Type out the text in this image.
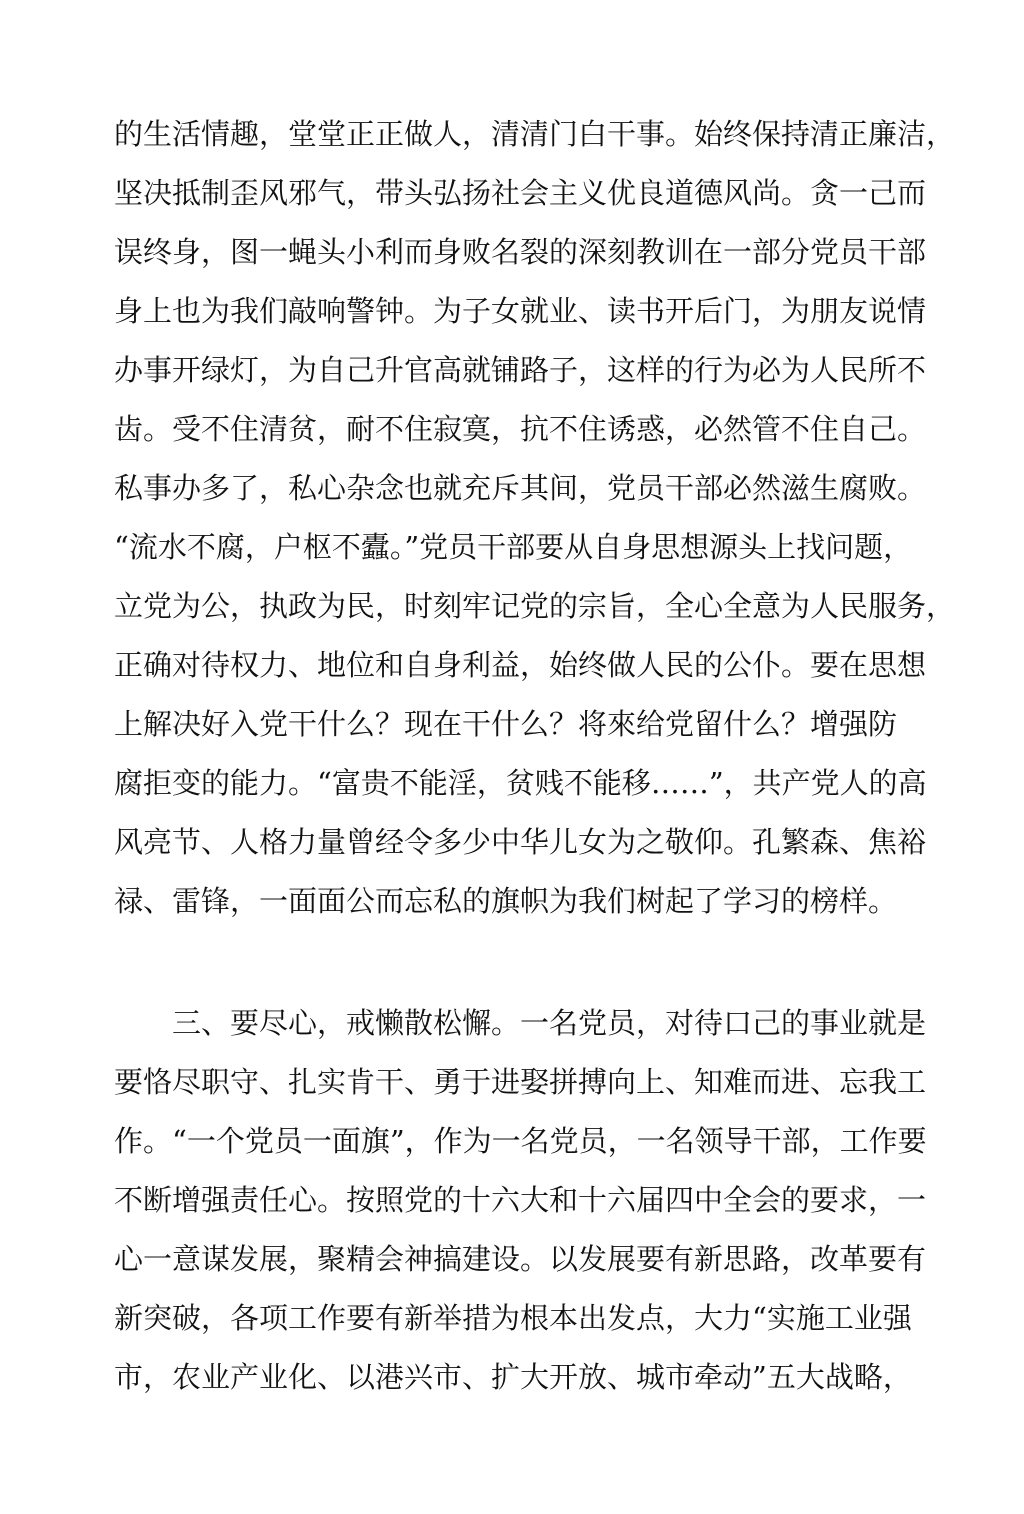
的生活情趣，堂堂正正做人，清清门白干事。始终保持清正廉洁，
坚决抵制歪风邪气，带头弘扬社会主义优良道德风尚。贪一己而
误终身，图一蝇头小利而身败名裂的深刻教训在一部分党员干部
身上也为我们敲响警钟。为子女就业、读书开后门，为朋友说情
办事开绿灯，为自己升官高就铺路子，这样的行为必为人民所不
齿。受不住清贫，耐不住寂寞，抗不住诱惑，必然管不住自己。
私事办多了，私心杂念也就充斥其间，党员干部必然滋生腐败。
“流水不腐，户枢不蠹。”党员干部要从自身思想源头上找问题，
立党为公，执政为民，时刻牢记党的宗旨，全心全意为人民服务，
正确对待权力、地位和自身利益，始终做人民的公仆。要在思想
上解决好入党干什么？现在干什么？将來给党留什么？增强防
腐拒变的能力。“富贵不能淫，贫贱不能移……”，共产党人的高
风亮节、人格力量曾经令多少中华儿女为之敬仰。孔繁森、焦裕
禄、雷锋，一面面公而忘私的旗帜为我们树起了学习的榜样。
三、要尽心，戒懒散松懈。一名党员，对待口己的事业就是
要恪尽职守、扎实肯干、勇于进娶拼搏向上、知难而进、忘我工
作。“一个党员一面旗”，作为一名党员，一名领导干部，工作要
不断增强责任心。按照党的十六大和十六届四中全会的要求，一
心一意谋发展，聚精会神搞建设。以发展要有新思路，改革要有
新突破，各项工作要有新举措为根本出发点，大力“实施工业强
市，农业产业化、以港兴市、扩大开放、城市牵动”五大战略，
